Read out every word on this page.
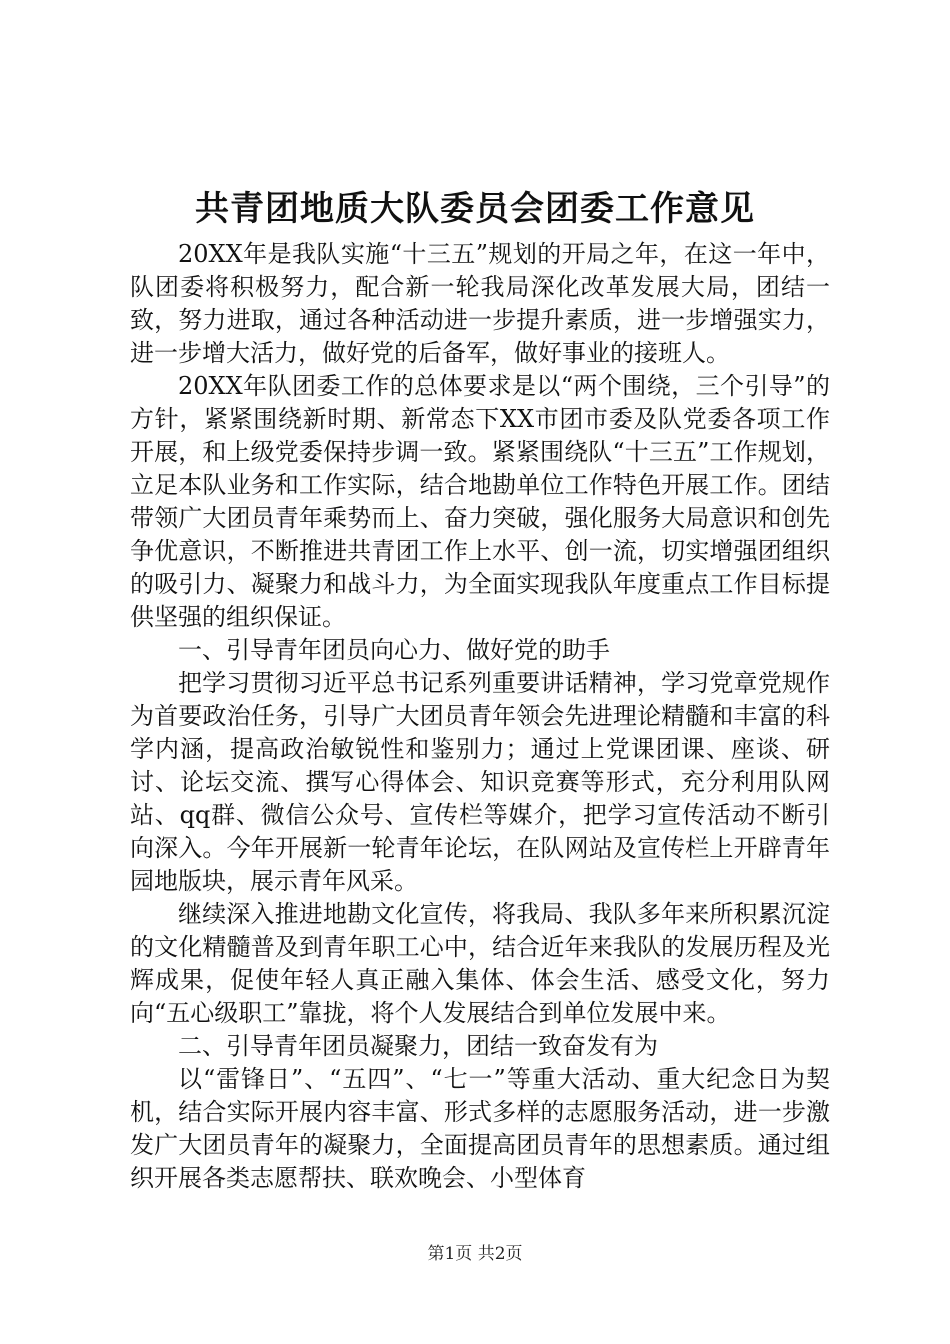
共青团地质大队委员会团委工作意见

20XX年是我队实施“十三五”规划的开局之年，在这一年中，队团委将积极努力，配合新一轮我局深化改革发展大局，团结一致，努力进取，通过各种活动进一步提升素质，进一步增强实力，进一步增大活力，做好党的后备军，做好事业的接班人。

20XX年队团委工作的总体要求是以“两个围绕，三个引导”的方针，紧紧围绕新时期、新常态下XX市团市委及队党委各项工作开展，和上级党委保持步调一致。紧紧围绕队“十三五”工作规划，立足本队业务和工作实际，结合地勘单位工作特色开展工作。团结带领广大团员青年乘势而上、奋力突破，强化服务大局意识和创先争优意识，不断推进共青团工作上水平、创一流，切实增强团组织的吸引力、凝聚力和战斗力，为全面实现我队年度重点工作目标提供坚强的组织保证。

一、引导青年团员向心力、做好党的助手

把学习贯彻习近平总书记系列重要讲话精神，学习党章党规作为首要政治任务，引导广大团员青年领会先进理论精髓和丰富的科学内涵，提高政治敏锐性和鉴别力；通过上党课团课、座谈、研讨、论坛交流、撰写心得体会、知识竞赛等形式，充分利用队网站、qq群、微信公众号、宣传栏等媒介，把学习宣传活动不断引向深入。今年开展新一轮青年论坛，在队网站及宣传栏上开辟青年园地版块，展示青年风采。

继续深入推进地勘文化宣传，将我局、我队多年来所积累沉淀的文化精髓普及到青年职工心中，结合近年来我队的发展历程及光辉成果，促使年轻人真正融入集体、体会生活、感受文化，努力向“五心级职工”靠拢，将个人发展结合到单位发展中来。

二、引导青年团员凝聚力，团结一致奋发有为

以“雷锋日”、“五四”、“七一”等重大活动、重大纪念日为契机，结合实际开展内容丰富、形式多样的志愿服务活动，进一步激发广大团员青年的凝聚力，全面提高团员青年的思想素质。通过组织开展各类志愿帮扶、联欢晚会、小型体育

第1页 共2页
